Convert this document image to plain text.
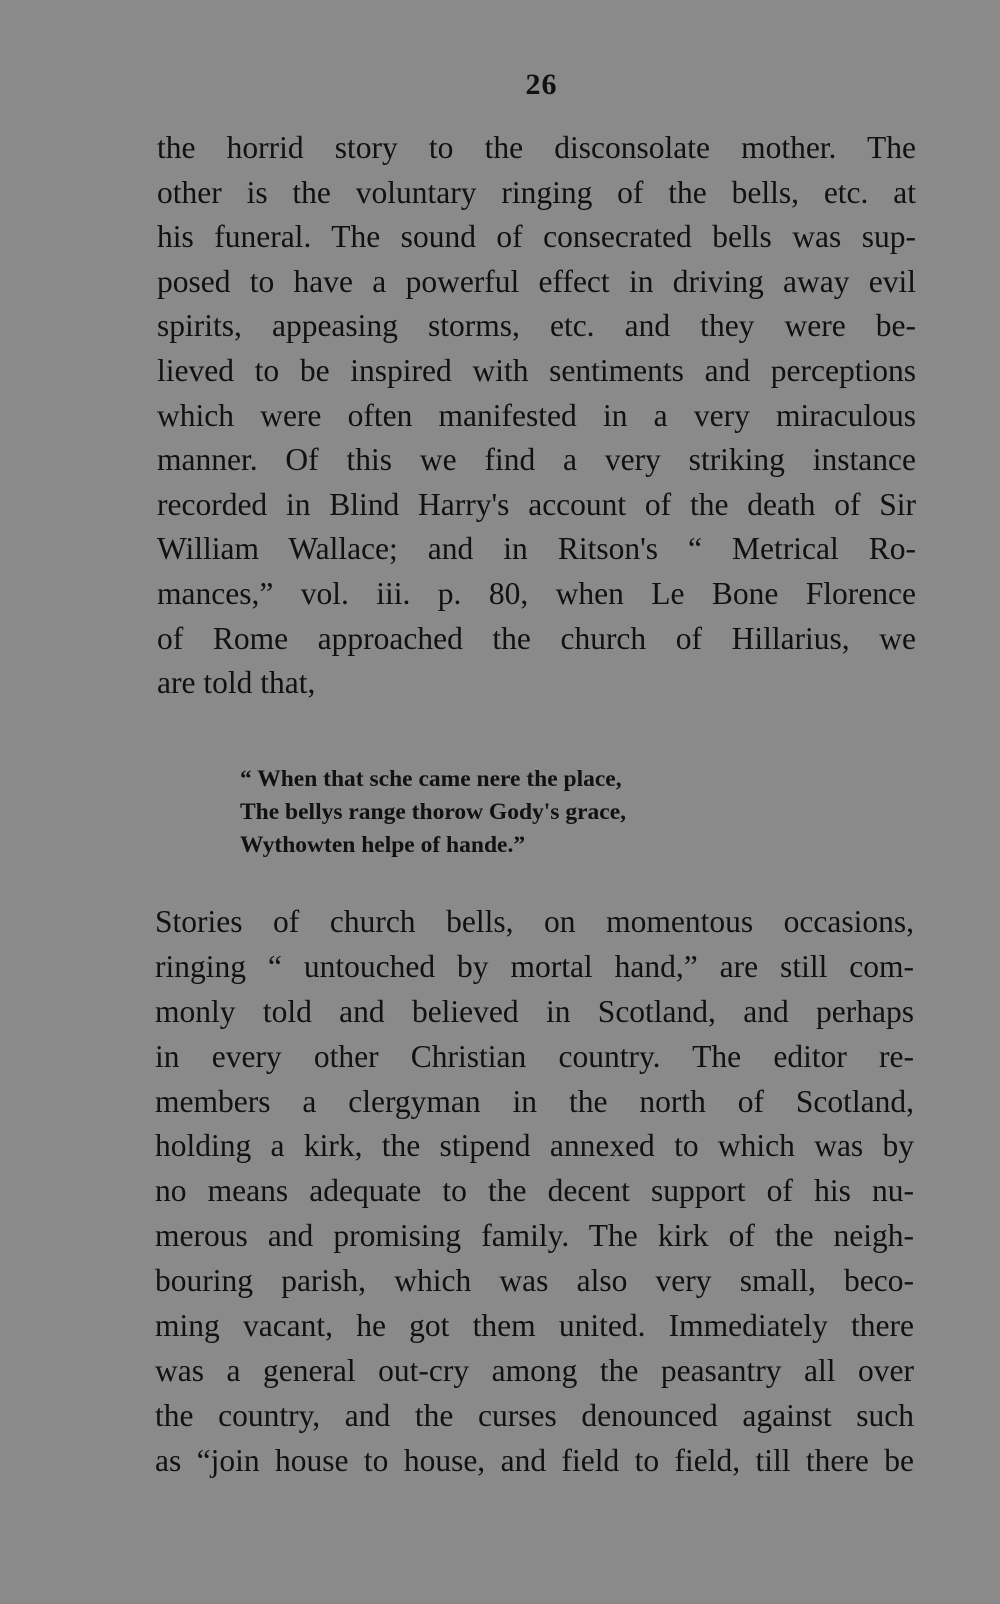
26
the horrid story to the disconsolate mother. The
other is the voluntary ringing of the bells, etc. at
his funeral. The sound of consecrated bells was sup-
posed to have a powerful effect in driving away evil
spirits, appeasing storms, etc. and they were be-
lieved to be inspired with sentiments and perceptions
which were often manifested in a very miraculous
manner. Of this we find a very striking instance
recorded in Blind Harry's account of the death of Sir
William Wallace; and in Ritson's “ Metrical Ro-
mances,” vol. iii. p. 80, when Le Bone Florence
of Rome approached the church of Hillarius, we
are told that,
“ When that sche came nere the place,
The bellys range thorow Gody's grace,
Wythowten helpe of hande.”
Stories of church bells, on momentous occasions,
ringing “ untouched by mortal hand,” are still com-
monly told and believed in Scotland, and perhaps
in every other Christian country. The editor re-
members a clergyman in the north of Scotland,
holding a kirk, the stipend annexed to which was by
no means adequate to the decent support of his nu-
merous and promising family. The kirk of the neigh-
bouring parish, which was also very small, beco-
ming vacant, he got them united. Immediately there
was a general out-cry among the peasantry all over
the country, and the curses denounced against such
as “join house to house, and field to field, till there be
